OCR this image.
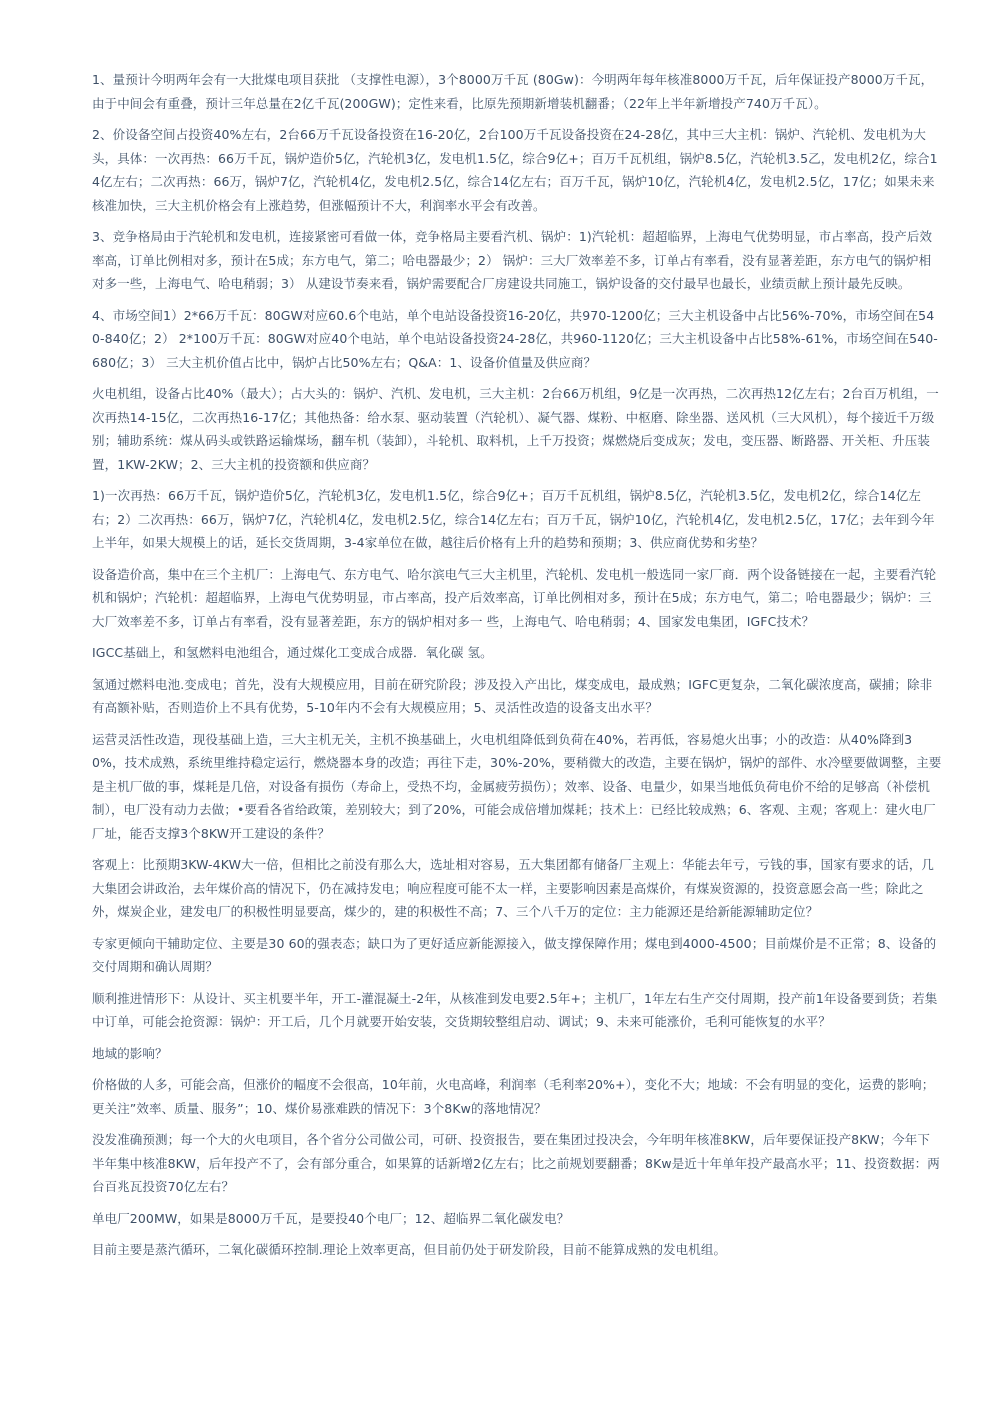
1、量预计今明两年会有一大批煤电项目获批 （支撑性电源），3个8000万千瓦 (80Gw)：今明两年每年核准8000万千瓦，后年保证投产8000万千瓦，由于中间会有重叠，预计三年总量在2亿千瓦(200GW)；定性来看，比原先预期新增装机翻番；（22年上半年新增投产740万千瓦）。

2、价设备空间占投资40%左右，2台66万千瓦设备投资在16-20亿，2台100万千瓦设备投资在24-28亿，其中三大主机：锅炉、汽轮机、发电机为大头，具体：一次再热：66万千瓦，锅炉造价5亿，汽轮机3亿，发电机1.5亿，综合9亿+；百万千瓦机组，锅炉8.5亿，汽轮机3.5乙，发电机2亿，综合14亿左右；二次再热：66万，锅炉7亿，汽轮机4亿，发电机2.5亿，综合14亿左右；百万千瓦，锅炉10亿，汽轮机4亿，发电机2.5亿，17亿；如果未来核准加快，三大主机价格会有上涨趋势，但涨幅预计不大，利润率水平会有改善。

3、竞争格局由于汽轮机和发电机，连接紧密可看做一体，竞争格局主要看汽机、锅炉：1)汽轮机：超超临界，上海电气优势明显，市占率高，投产后效率高，订单比例相对多，预计在5成；东方电气，第二；哈电器最少；2） 锅炉：三大厂效率差不多，订单占有率看，没有显著差距，东方电气的锅炉相对多一些，上海电气、哈电稍弱；3） 从建设节奏来看，锅炉需要配合厂房建设共同施工，锅炉设备的交付最早也最长，业绩贡献上预计最先反映。

4、市场空间1）2*66万千瓦：80GW对应60.6个电站，单个电站设备投资16-20亿，共970-1200亿；三大主机设备中占比56%-70%，市场空间在540-840亿；2） 2*100万千瓦：80GW对应40个电站，单个电站设备投资24-28亿，共960-1120亿；三大主机设备中占比58%-61%，市场空间在540-680亿；3） 三大主机价值占比中，锅炉占比50%左右；Q&A：1、设备价值量及供应商？

火电机组，设备占比40%（最大）；占大头的：锅炉、汽机、发电机，三大主机：2台66万机组，9亿是一次再热，二次再热12亿左右；2台百万机组，一次再热14-15亿，二次再热16-17亿；其他热备：给水泵、驱动装置（汽轮机）、凝气器、煤粉、中枢磨、除坐器、送风机（三大风机），每个接近千万级别；辅助系统：煤从码头或铁路运输煤场，翻车机（装卸），斗轮机、取料机，上千万投资；煤燃烧后变成灰；发电，变压器、断路器、开关柜、升压装置，1KW-2KW；2、三大主机的投资额和供应商？

1)一次再热：66万千瓦，锅炉造价5亿，汽轮机3亿，发电机1.5亿，综合9亿+；百万千瓦机组，锅炉8.5亿，汽轮机3.5亿，发电机2亿，综合14亿左右；2）二次再热：66万，锅炉7亿，汽轮机4亿，发电机2.5亿，综合14亿左右；百万千瓦，锅炉10亿，汽轮机4亿，发电机2.5亿，17亿；去年到今年上半年，如果大规模上的话，延长交货周期，3-4家单位在做，越往后价格有上升的趋势和预期；3、供应商优势和劣垫？

设备造价高，集中在三个主机厂：上海电气、东方电气、哈尔滨电气三大主机里，汽轮机、发电机一般选同一家厂商．两个设备链接在一起，主要看汽轮机和锅炉；汽轮机：超超临界，上海电气优势明显，市占率高，投产后效率高，订单比例相对多，预计在5成；东方电气，第二；哈电器最少；锅炉：三大厂效率差不多，订单占有率看，没有显著差距，东方的锅炉相对多一 些，上海电气、哈电稍弱；4、国家发电集团，IGFC技术？

IGCC基础上，和氢燃料电池组合，通过煤化工变成合成器．氧化碳 氢。

氢通过燃料电池.变成电；首先，没有大规模应用，目前在研究阶段；涉及投入产出比，煤变成电，最成熟；IGFC更复杂，二氧化碳浓度高，碳捕；除非有高额补贴，否则造价上不具有优势，5-10年内不会有大规模应用；5、灵活性改造的设备支出水平？

运营灵活性改造，现役基础上造，三大主机无关，主机不换基础上，火电机组降低到负荷在40%，若再低，容易熄火出事；小的改造：从40%降到30%，技术成熟，系统里维持稳定运行，燃烧器本身的改造；再往下走，30%-20%，要稍微大的改造，主要在锅炉，锅炉的部件、水冷壁要做调整，主要是主机厂做的事，煤耗是几倍，对设备有损伤（寿命上，受热不均，金属疲劳损伤）；效率、设备、电量少，如果当地低负荷电价不给的足够高（补偿机制），电厂没有动力去做；•要看各省给政策，差别较大；到了20%，可能会成倍增加煤耗；技术上：已经比较成熟；6、客观、主观；客观上：建火电厂厂址，能否支撑3个8KW开工建设的条件？

客观上：比预期3KW-4KW大一倍，但相比之前没有那么大，选址相对容易，五大集团都有储备厂主观上：华能去年亏，亏钱的事，国家有要求的话，几大集团会讲政治，去年煤价高的情况下，仍在减持发电；响应程度可能不太一样，主要影响因素是高煤价，有煤炭资源的，投资意愿会高一些；除此之外，煤炭企业，建发电厂的积极性明显要高，煤少的，建的积极性不高；7、三个八千万的定位：主力能源还是给新能源辅助定位？

专家更倾向干辅助定位、主要是30 60的强表态；缺口为了更好适应新能源接入，做支撑保障作用；煤电到4000-4500；目前煤价是不正常；8、设备的交付周期和确认周期？

顺利推进情形下：从设计、买主机要半年，开工-灌混凝土-2年，从核准到发电要2.5年+；主机厂，1年左右生产交付周期，投产前1年设备要到货；若集中订单，可能会抢资源：锅炉：开工后，几个月就要开始安装，交货期较整组启动、调试；9、未来可能涨价，毛利可能恢复的水平？

地域的影响？

价格做的人多，可能会高，但涨价的幅度不会很高，10年前，火电高峰，利润率（毛利率20%+），变化不大；地域：不会有明显的变化，运费的影响；更关注”效率、质量、服务”；10、煤价易涨难跌的情况下：3个8Kw的落地情况？

没发准确预测；每一个大的火电项目，各个省分公司做公司，可研、投资报告，要在集团过投决会，今年明年核准8KW，后年要保证投产8KW；今年下半年集中核准8KW，后年投产不了，会有部分重合，如果算的话新增2亿左右；比之前规划要翻番；8Kw是近十年单年投产最高水平；11、投资数据：两台百兆瓦投资70亿左右？

单电厂200MW，如果是8000万千瓦，是要投40个电厂；12、超临界二氧化碳发电？

目前主要是蒸汽循环，二氧化碳循环控制.理论上效率更高，但目前仍处于研发阶段，目前不能算成熟的发电机组。
